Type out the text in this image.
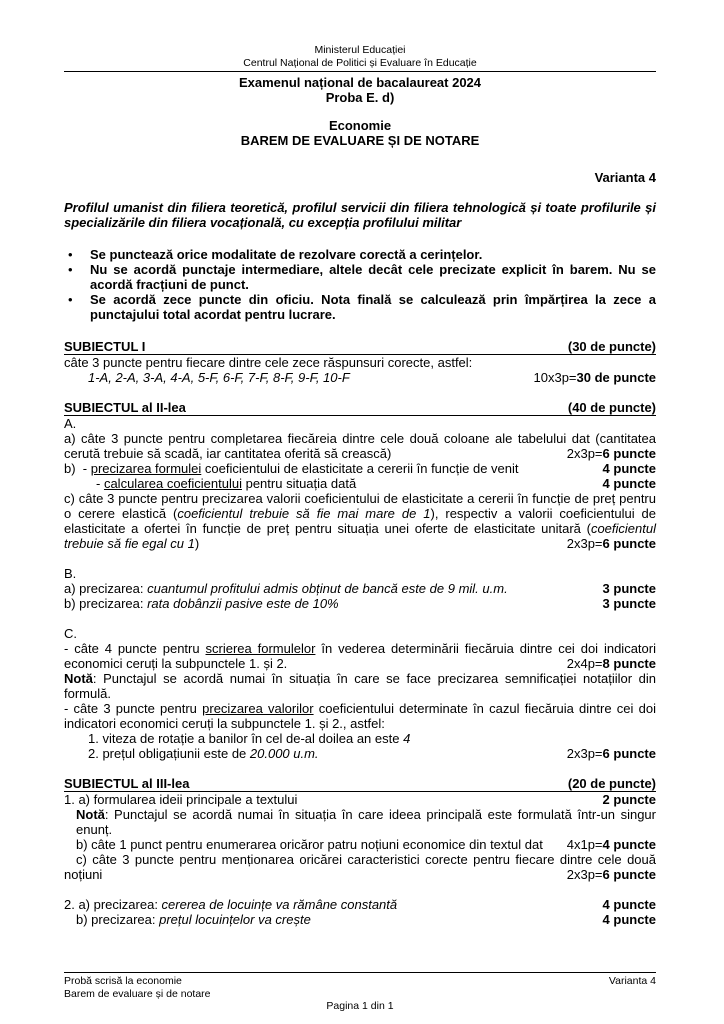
Ministerul Educației
Centrul Național de Politici și Evaluare în Educație
Examenul național de bacalaureat 2024
Proba E. d)
Economie
BAREM DE EVALUARE ȘI DE NOTARE
Varianta 4
Profilul umanist din filiera teoretică, profilul servicii din filiera tehnologică și toate profilurile și specializările din filiera vocațională, cu excepția profilului militar
• Se punctează orice modalitate de rezolvare corectă a cerințelor.
• Nu se acordă punctaje intermediare, altele decât cele precizate explicit în barem. Nu se acordă fracțiuni de punct.
• Se acordă zece puncte din oficiu. Nota finală se calculează prin împărțirea la zece a punctajului total acordat pentru lucrare.
SUBIECTUL I	(30 de puncte)
câte 3 puncte pentru fiecare dintre cele zece răspunsuri corecte, astfel:
1-A, 2-A, 3-A, 4-A, 5-F, 6-F, 7-F, 8-F, 9-F, 10-F	10x3p=30 de puncte
SUBIECTUL al II-lea	(40 de puncte)
A.
a) câte 3 puncte pentru completarea fiecăreia dintre cele două coloane ale tabelului dat (cantitatea cerută trebuie să scadă, iar cantitatea oferită să crească)	2x3p=6 puncte
b)  - precizarea formulei coeficientului de elasticitate a cererii în funcție de venit	4 puncte
- calcularea coeficientului pentru situația dată	4 puncte
c) câte 3 puncte pentru precizarea valorii coeficientului de elasticitate a cererii în funcție de preț pentru o cerere elastică (coeficientul trebuie să fie mai mare de 1), respectiv a valorii coeficientului de elasticitate a ofertei în funcție de preț pentru situația unei oferte de elasticitate unitară (coeficientul trebuie să fie egal cu 1)	2x3p=6 puncte
B.
a) precizarea: cuantumul profitului admis obținut de bancă este de 9 mil. u.m.	3 puncte
b) precizarea: rata dobânzii pasive este de 10%	3 puncte
C.
- câte 4 puncte pentru scrierea formulelor în vederea determinării fiecăruia dintre cei doi indicatori economici ceruți la subpunctele 1. și 2.	2x4p=8 puncte
Notă: Punctajul se acordă numai în situația în care se face precizarea semnificației notațiilor din formulă.
- câte 3 puncte pentru precizarea valorilor coeficientului determinate în cazul fiecăruia dintre cei doi indicatori economici ceruți la subpunctele 1. și 2., astfel:
1. viteza de rotație a banilor în cel de-al doilea an este 4
2. prețul obligațiunii este de 20.000 u.m.	2x3p=6 puncte
SUBIECTUL al III-lea	(20 de puncte)
1. a) formularea ideii principale a textului	2 puncte
Notă: Punctajul se acordă numai în situația în care ideea principală este formulată într-un singur enunț.
b) câte 1 punct pentru enumerarea oricăror patru noțiuni economice din textul dat 4x1p=4 puncte
c) câte 3 puncte pentru menționarea oricărei caracteristici corecte pentru fiecare dintre cele două noțiuni	2x3p=6 puncte
2. a) precizarea: cererea de locuințe va rămâne constantă	4 puncte
b) precizarea: prețul locuințelor va crește	4 puncte
Probă scrisă la economie	Varianta 4
Barem de evaluare și de notare
Pagina 1 din 1
